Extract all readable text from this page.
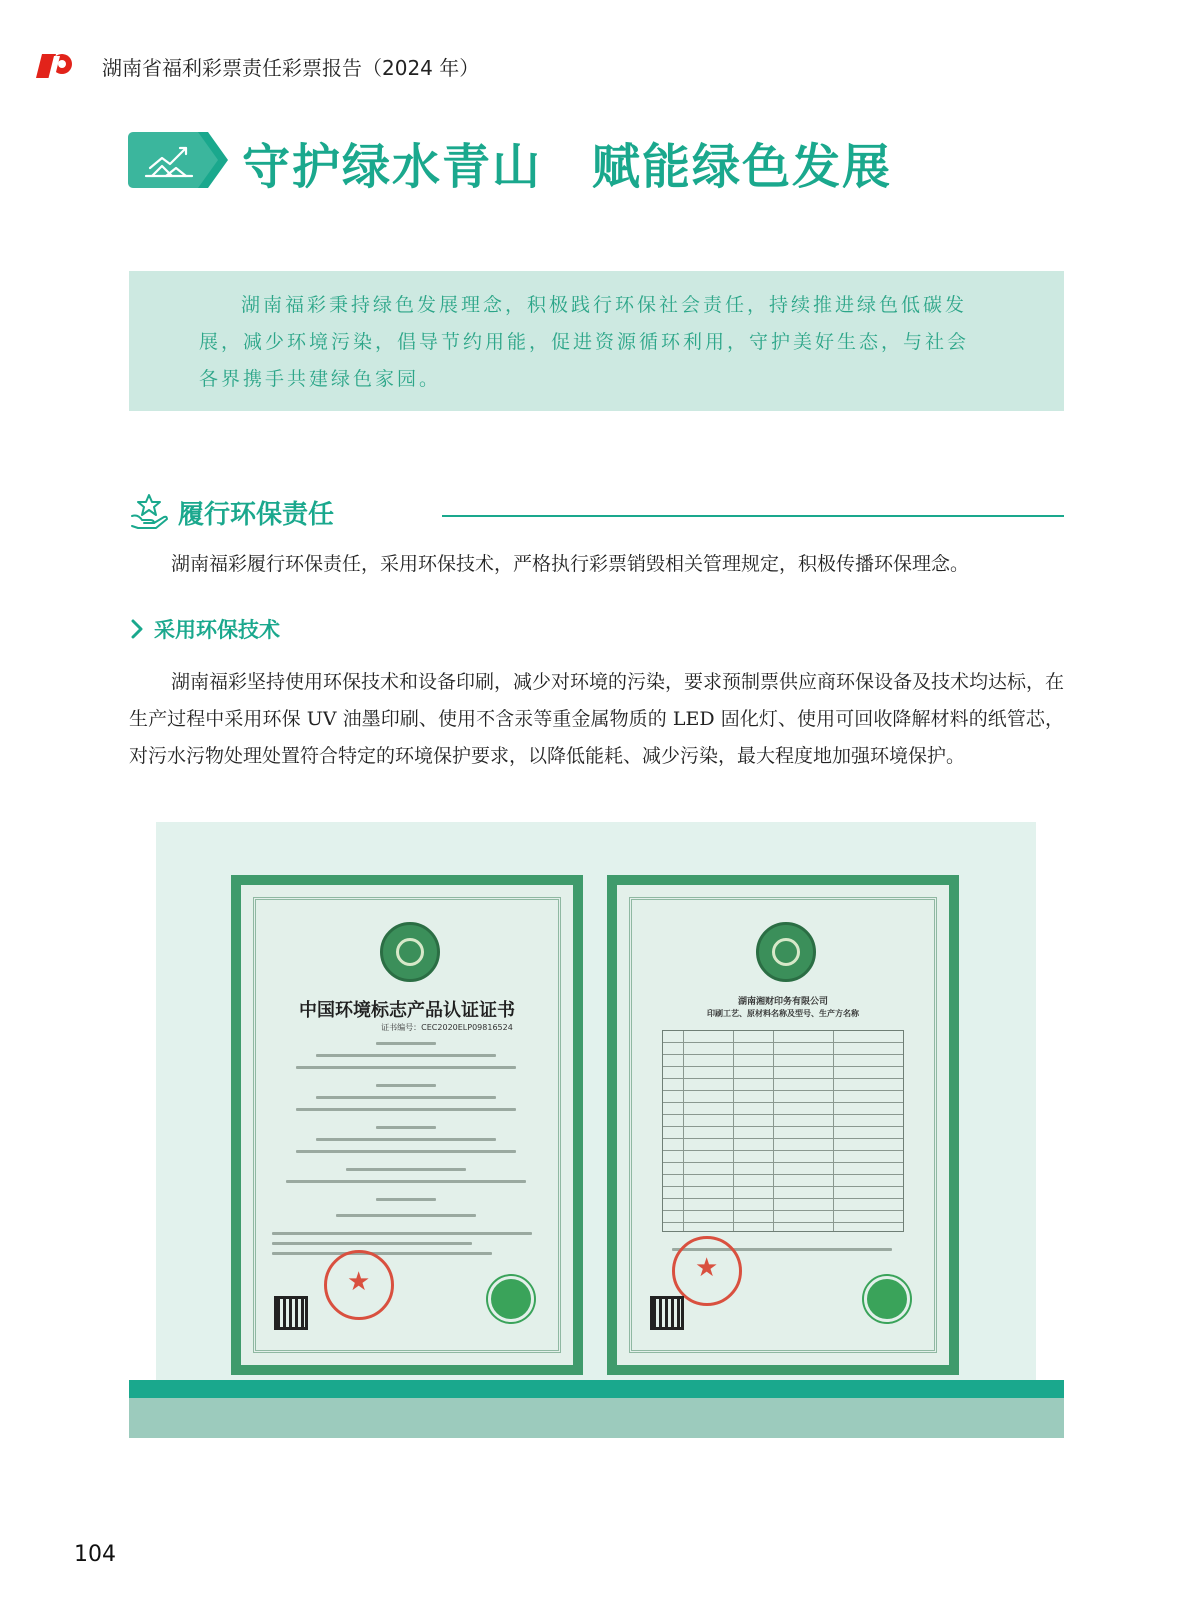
湖南省福利彩票责任彩票报告（2024 年）
守护绿水青山　赋能绿色发展
湖南福彩秉持绿色发展理念，积极践行环保社会责任，持续推进绿色低碳发展，减少环境污染，倡导节约用能，促进资源循环利用，守护美好生态，与社会各界携手共建绿色家园。
履行环保责任
湖南福彩履行环保责任，采用环保技术，严格执行彩票销毁相关管理规定，积极传播环保理念。
采用环保技术
湖南福彩坚持使用环保技术和设备印刷，减少对环境的污染，要求预制票供应商环保设备及技术均达标，在生产过程中采用环保 UV 油墨印刷、使用不含汞等重金属物质的 LED 固化灯、使用可回收降解材料的纸管芯，对污水污物处理处置符合特定的环境保护要求，以降低能耗、减少污染，最大程度地加强环境保护。
中国环境标志产品认证证书
证书编号：CEC2020ELP09816524
★
湖南湘财印务有限公司
印刷工艺、原材料名称及型号、生产方名称
★
104
